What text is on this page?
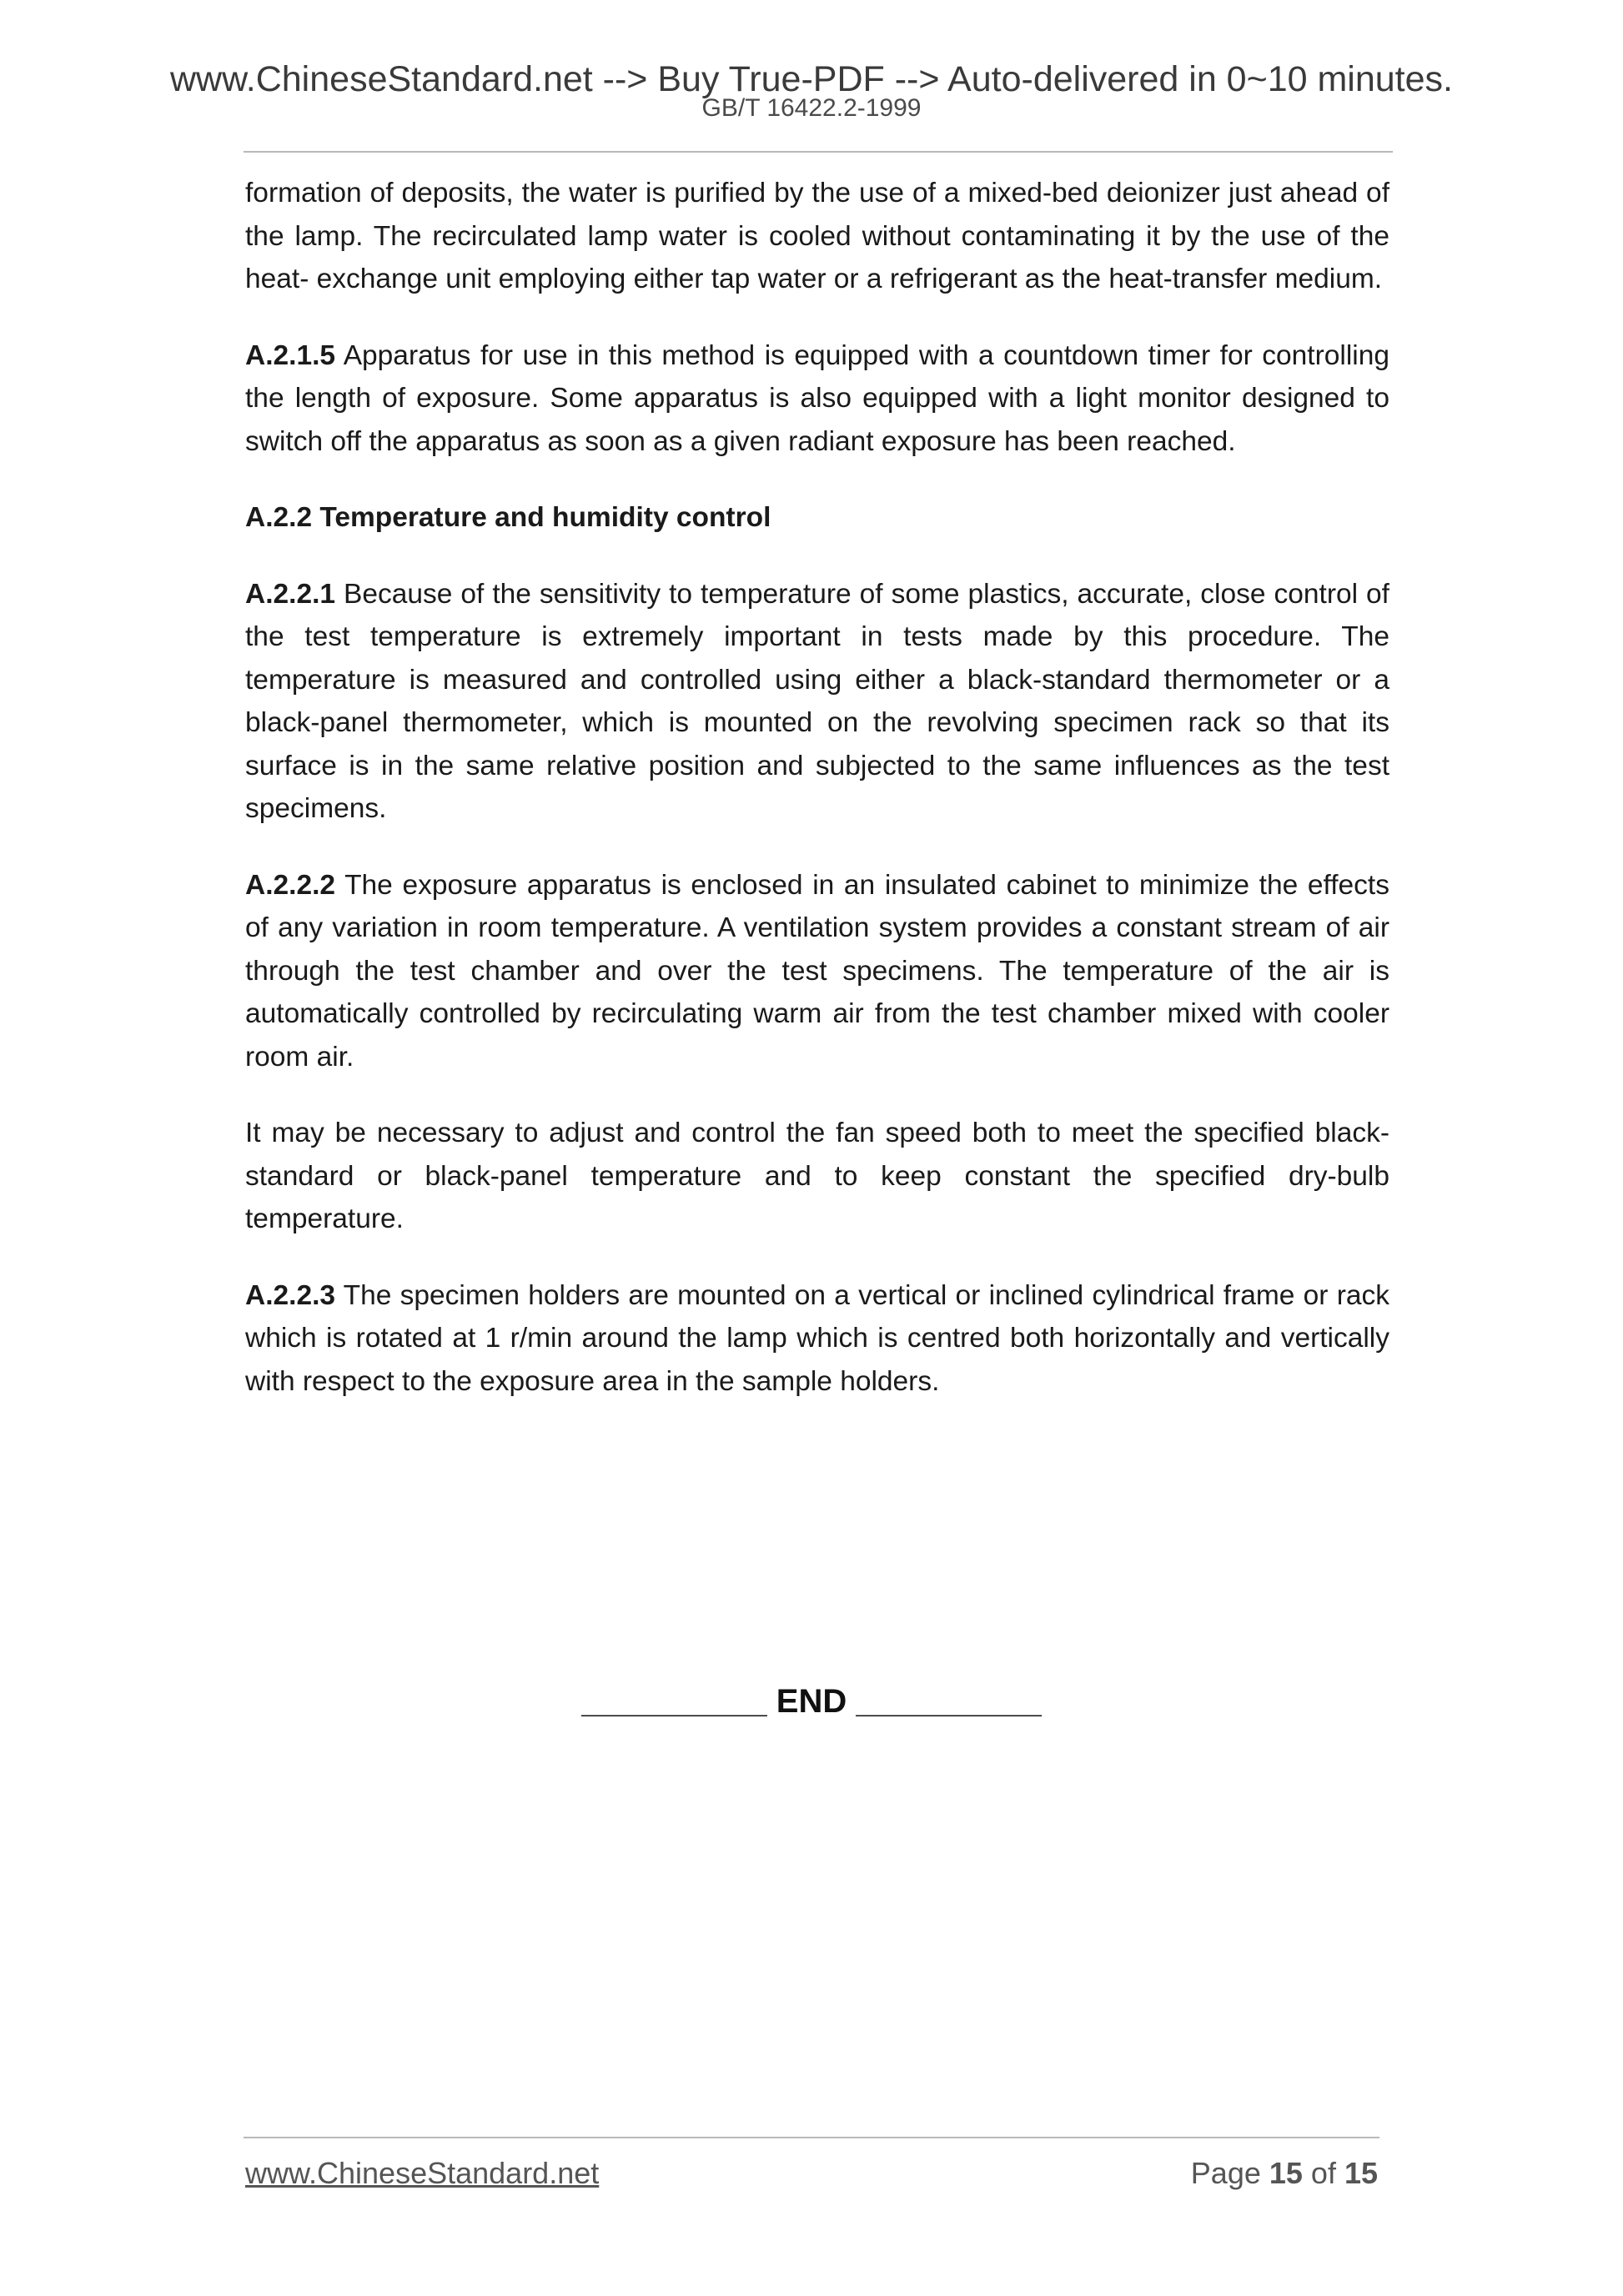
www.ChineseStandard.net --> Buy True-PDF --> Auto-delivered in 0~10 minutes.
GB/T 16422.2-1999

formation of deposits, the water is purified by the use of a mixed-bed deionizer just ahead of the lamp. The recirculated lamp water is cooled without contaminating it by the use of the heat- exchange unit employing either tap water or a refrigerant as the heat-transfer medium.

A.2.1.5 Apparatus for use in this method is equipped with a countdown timer for controlling the length of exposure. Some apparatus is also equipped with a light monitor designed to switch off the apparatus as soon as a given radiant exposure has been reached.

A.2.2 Temperature and humidity control

A.2.2.1 Because of the sensitivity to temperature of some plastics, accurate, close control of the test temperature is extremely important in tests made by this procedure. The temperature is measured and controlled using either a black-standard thermometer or a black-panel thermometer, which is mounted on the revolving specimen rack so that its surface is in the same relative position and subjected to the same influences as the test specimens.

A.2.2.2 The exposure apparatus is enclosed in an insulated cabinet to minimize the effects of any variation in room temperature. A ventilation system provides a constant stream of air through the test chamber and over the test specimens. The temperature of the air is automatically controlled by recirculating warm air from the test chamber mixed with cooler room air.

It may be necessary to adjust and control the fan speed both to meet the specified black-standard or black-panel temperature and to keep constant the specified dry-bulb temperature.

A.2.2.3 The specimen holders are mounted on a vertical or inclined cylindrical frame or rack which is rotated at 1 r/min around the lamp which is centred both horizontally and vertically with respect to the exposure area in the sample holders.

__________ END __________
www.ChineseStandard.net	Page 15 of 15
